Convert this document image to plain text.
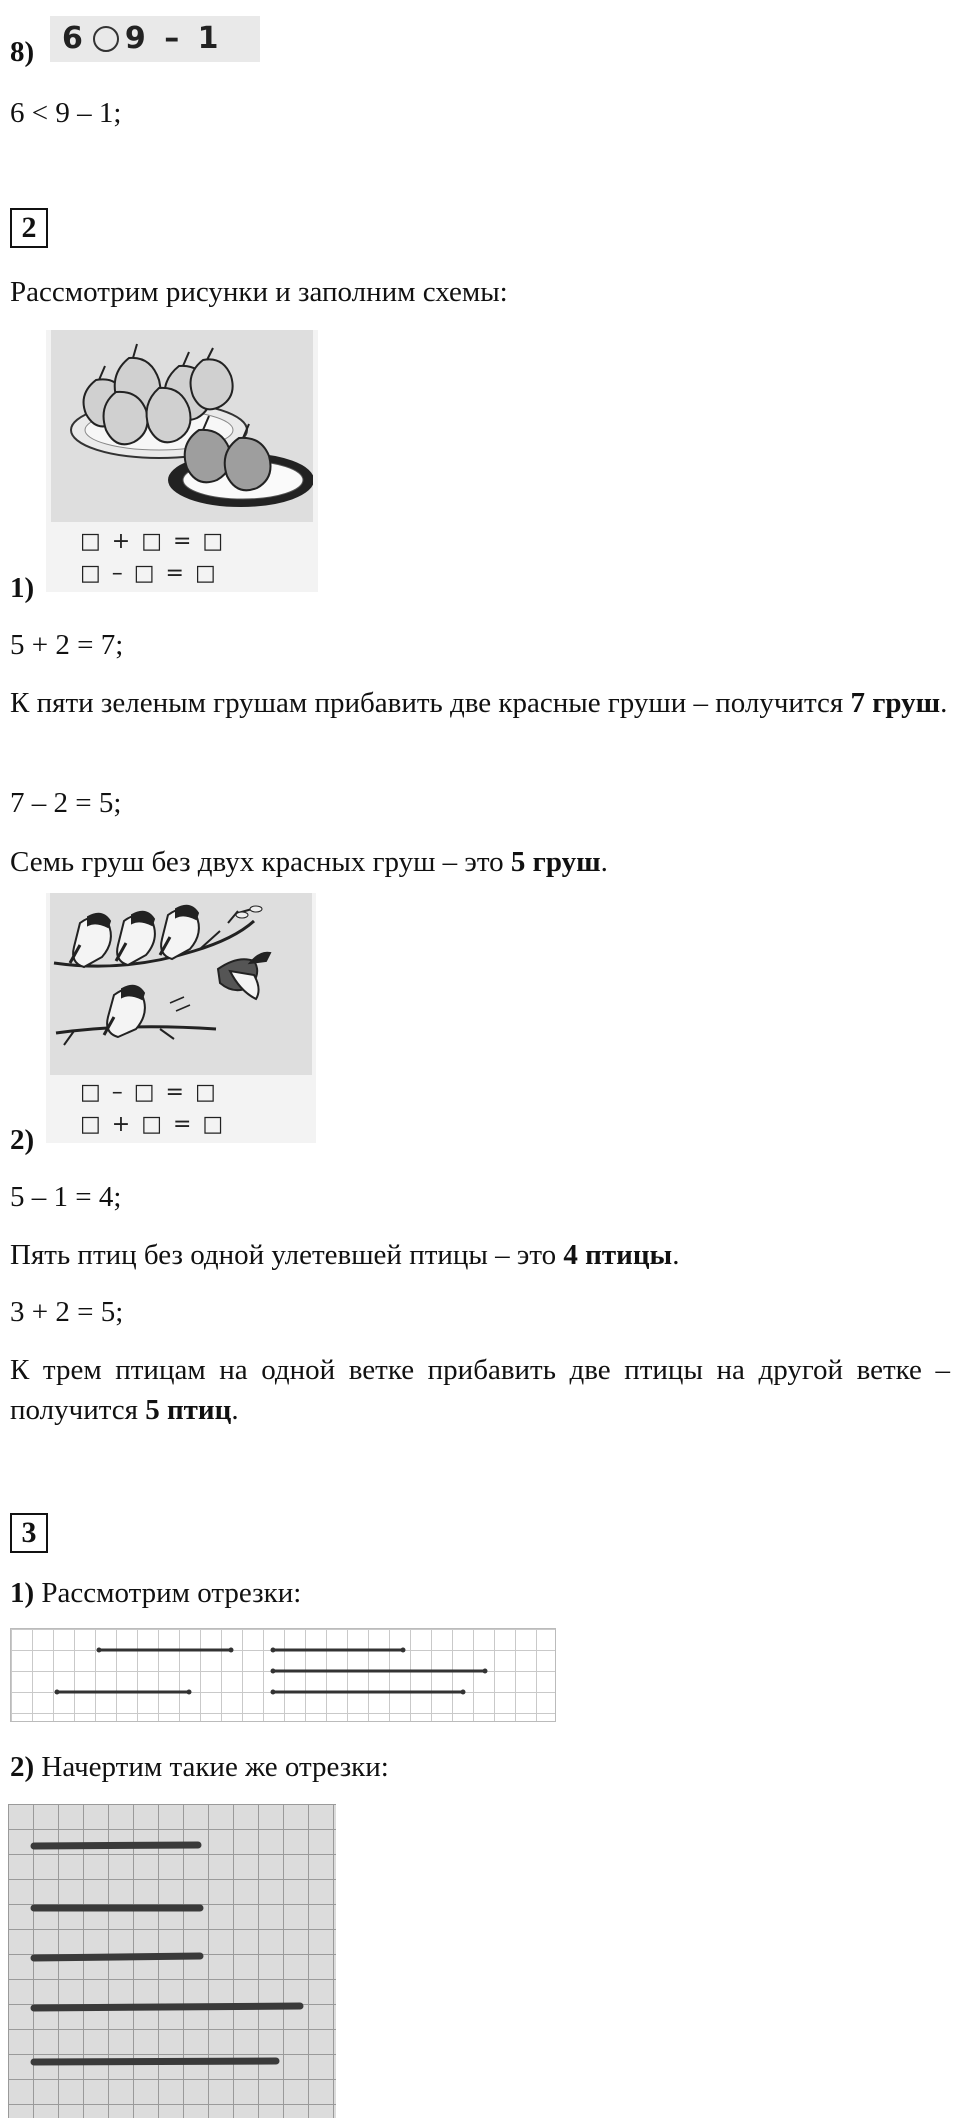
8) 6 9 – 1
6 < 9 – 1;
2
Рассмотрим рисунки и заполним схемы:
□ + □ = □
□ – □ = □
1)
5 + 2 = 7;
К пяти зеленым грушам прибавить две красные груши – получится 7 груш.
7 – 2 = 5;
Семь груш без двух красных груш – это 5 груш.
□ – □ = □
□ + □ = □
2)
5 – 1 = 4;
Пять птиц без одной улетевшей птицы – это 4 птицы.
3 + 2 = 5;
К трем птицам на одной ветке прибавить две птицы на другой ветке – получится 5 птиц.
3
1) Рассмотрим отрезки:
2) Начертим такие же отрезки:
